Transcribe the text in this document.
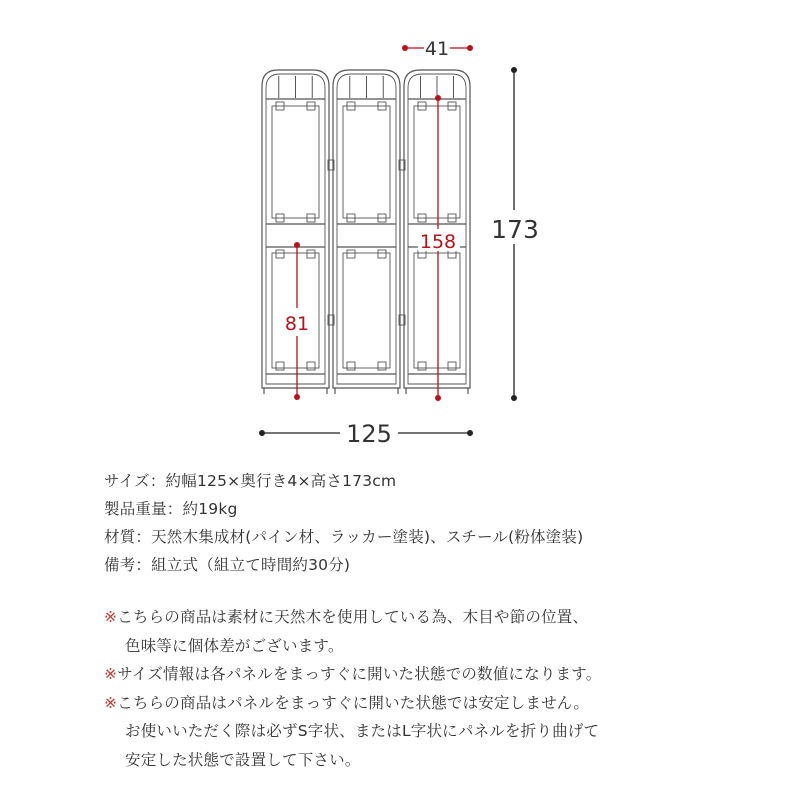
41
173
158
81
125
サイズ：約幅125×奥行き4×高さ173cm
製品重量：約19kg
材質：天然木集成材(パイン材、ラッカー塗装)、スチール(粉体塗装)
備考：組立式（組立て時間約30分)
※こちらの商品は素材に天然木を使用している為、木目や節の位置、
色味等に個体差がございます。
※サイズ情報は各パネルをまっすぐに開いた状態での数値になります。
※こちらの商品はパネルをまっすぐに開いた状態では安定しません。
お使いいただく際は必ずS字状、またはL字状にパネルを折り曲げて
安定した状態で設置して下さい。
